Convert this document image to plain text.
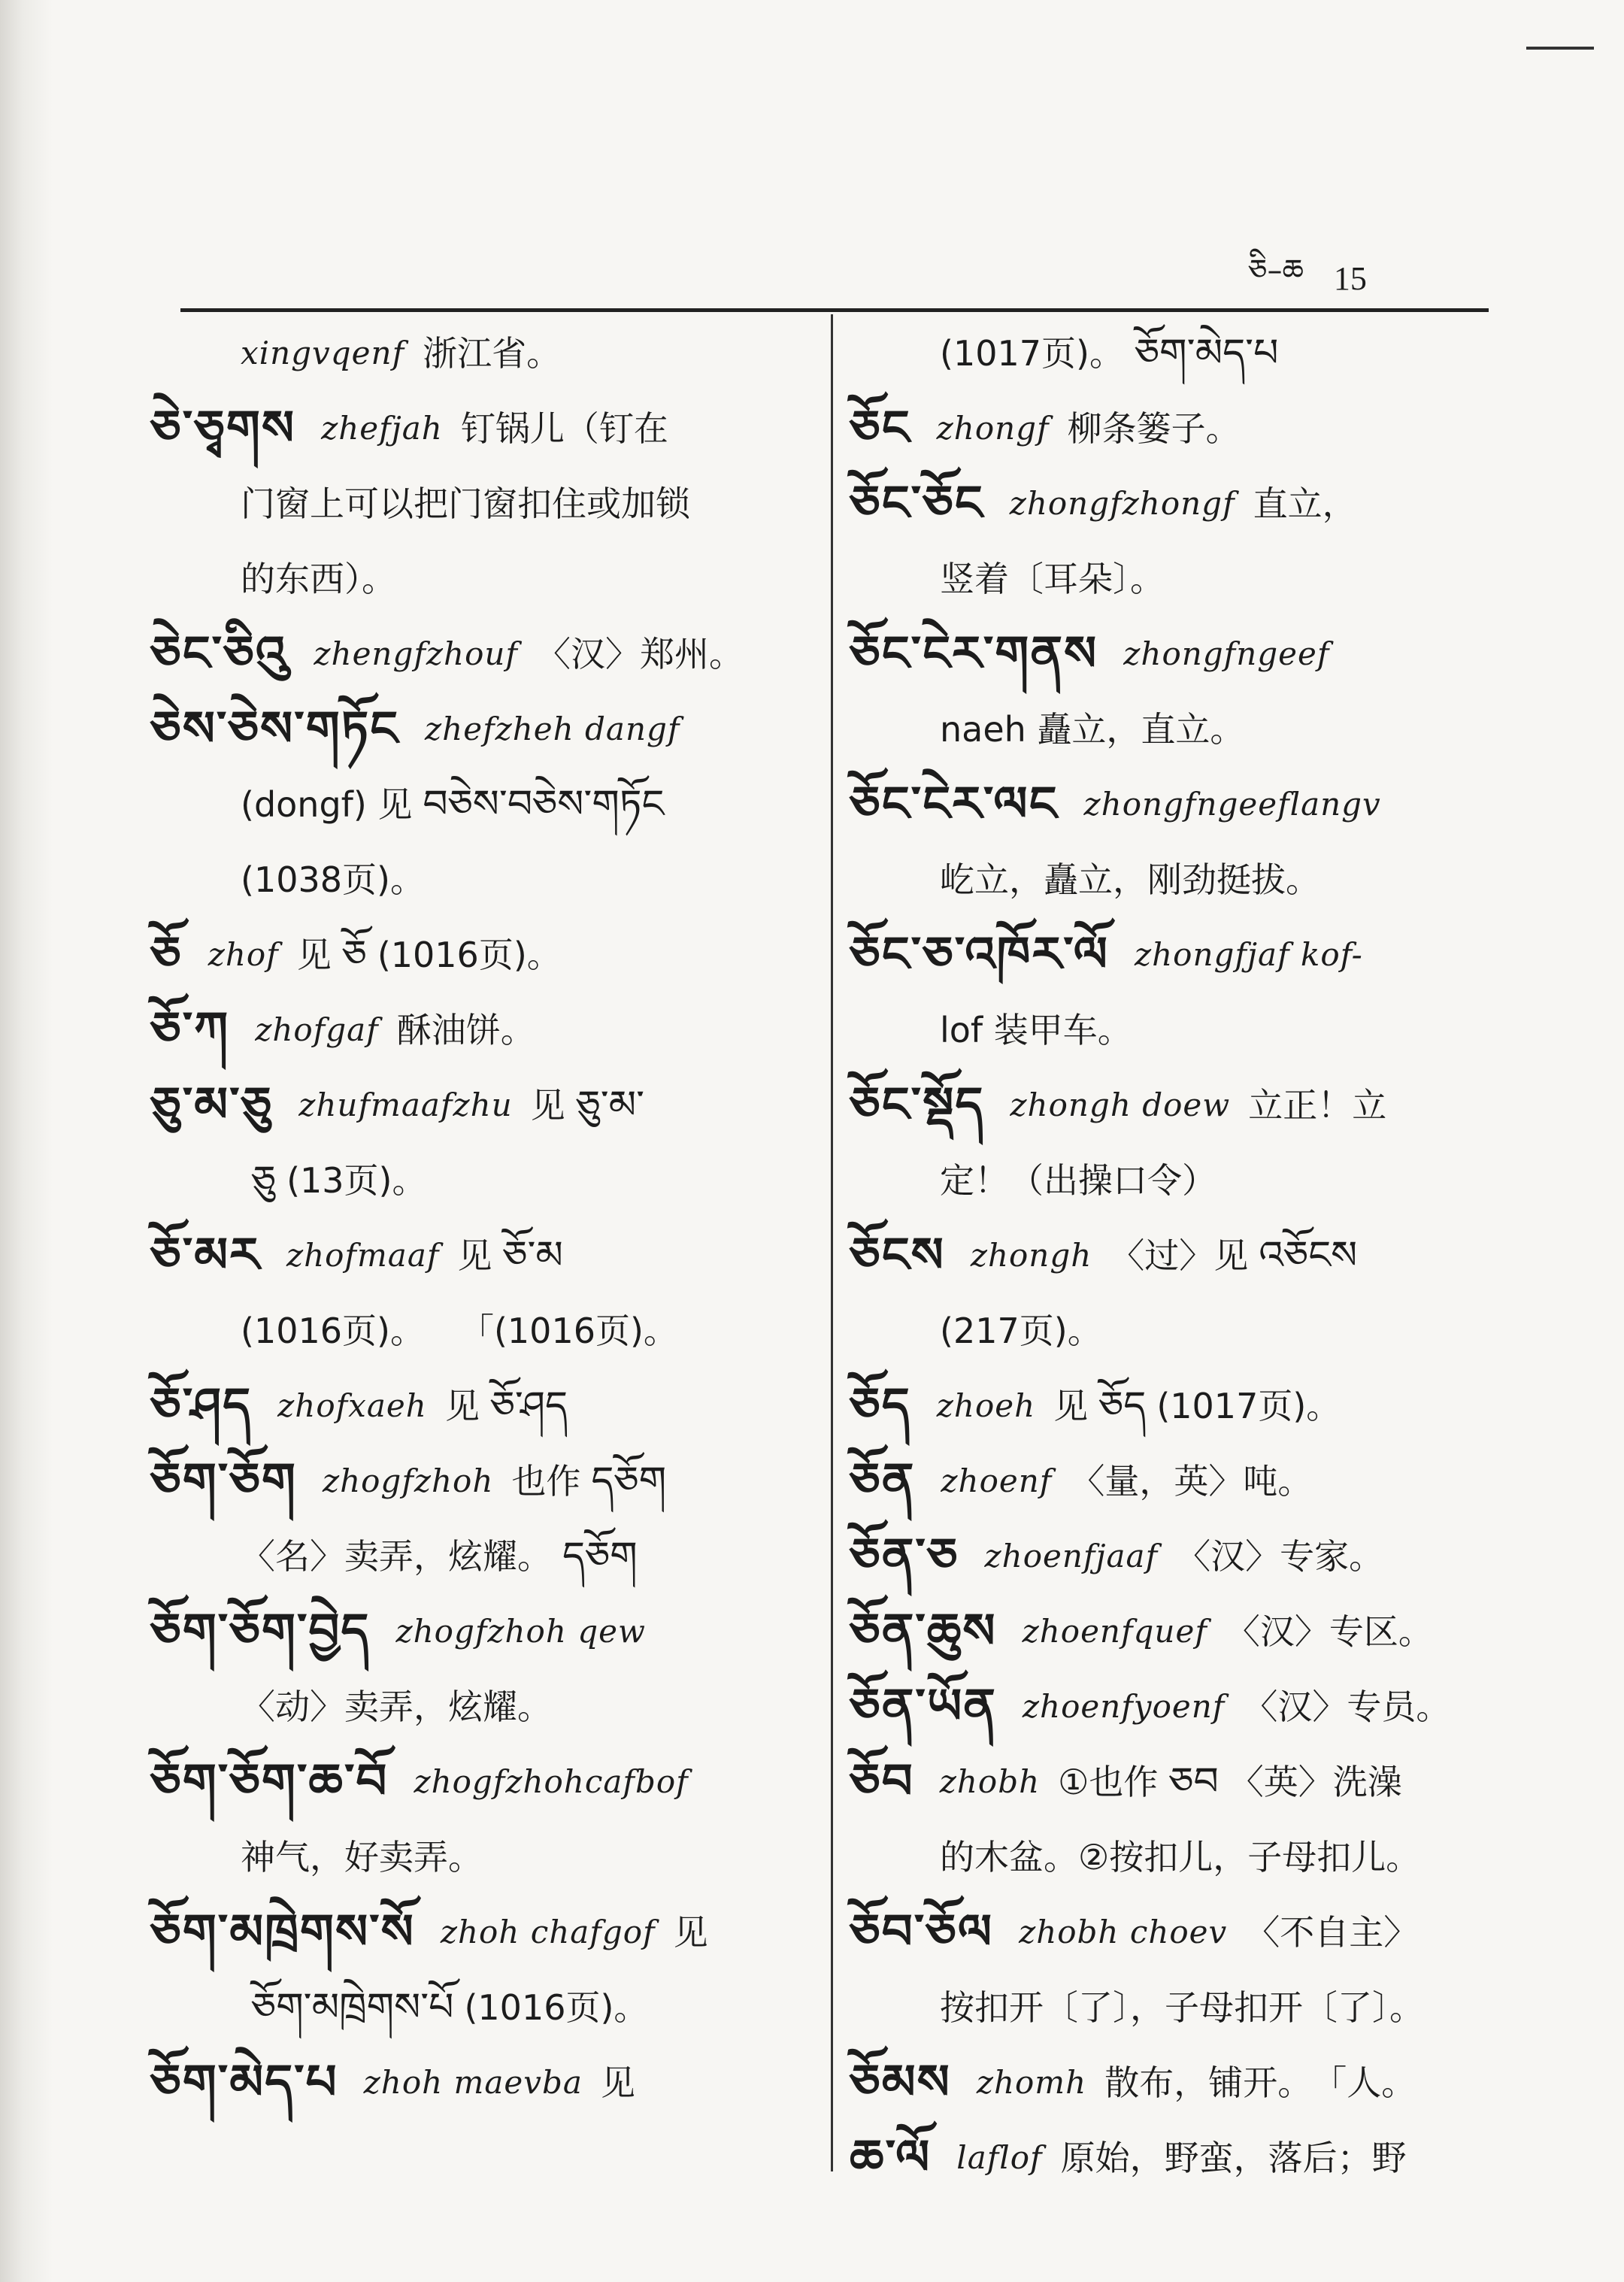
ཅི–ཆ 15
xingvqenf 浙江省。
ཅེ་ཅྭགས zhefjah 钉锅儿（钉在
门窗上可以把门窗扣住或加锁
的东西）。
ཅེང་ཅིའུ zhengfzhouf 〈汉〉郑州。
ཅེས་ཅེས་གཏོང zhefzheh dangf
(dongf) 见 བཅེས་བཅེས་གཏོང
(1038页)。
ཅོ zhof 见 ཅོ (1016页)。
ཅོ་ཀ zhofgaf 酥油饼。
ཅུ་མ་ཅུ zhufmaafzhu 见 ཅུ་མ་
ཅུ (13页)。
ཅོ་མར zhofmaaf 见 ཅོ་མ
(1016页)。　　「(1016页)。
ཅོ་ཤད zhofxaeh 见 ཅོ་ཤད
ཅོག་ཅོག zhogfzhoh 也作 དཅོག
〈名〉卖弄，炫耀。 དཅོག
ཅོག་ཅོག་བྱེད zhogfzhoh qew
〈动〉卖弄，炫耀。
ཅོག་ཅོག་ཆ་བོ zhogfzhohcafbof
神气，好卖弄。
ཅོག་མཁྲེགས་སོ zhoh chafgof 见
ཅོག་མཁྲེགས་པོ (1016页)。
ཅོག་མེད་པ zhoh maevba 见
(1017页)。 ཅོག་མེད་པ
ཅོང zhongf 柳条篓子。
ཅོང་ཅོང zhongfzhongf 直立，
竖着〔耳朵〕。
ཅོང་ངེར་གནས zhongfngeef
naeh 矗立，直立。
ཅོང་ངེར་ལང zhongfngeeflangv
屹立，矗立，刚劲挺拔。
ཅོང་ཅ་འཁོར་ལོ zhongfjaf kof-
lof 装甲车。
ཅོང་སྡོད zhongh doew 立正！立
定！（出操口令）
ཅོངས zhongh 〈过〉见 འཅོངས
(217页)。
ཅོད zhoeh 见 ཅོད (1017页)。
ཅོན zhoenf 〈量，英〉吨。
ཅོན་ཅ zhoenfjaaf 〈汉〉专家。
ཅོན་ཆུས zhoenfquef 〈汉〉专区。
ཅོན་ཡོན zhoenfyoenf 〈汉〉专员。
ཅོབ zhobh ①也作 ཅབ 〈英〉洗澡
的木盆。②按扣儿，子母扣儿。
ཅོབ་ཅོལ zhobh choev 〈不自主〉
按扣开〔了〕，子母扣开〔了〕。
ཅོམས zhomh 散布，铺开。　「人。
ཆ་ལོ laflof 原始，野蛮，落后；野
